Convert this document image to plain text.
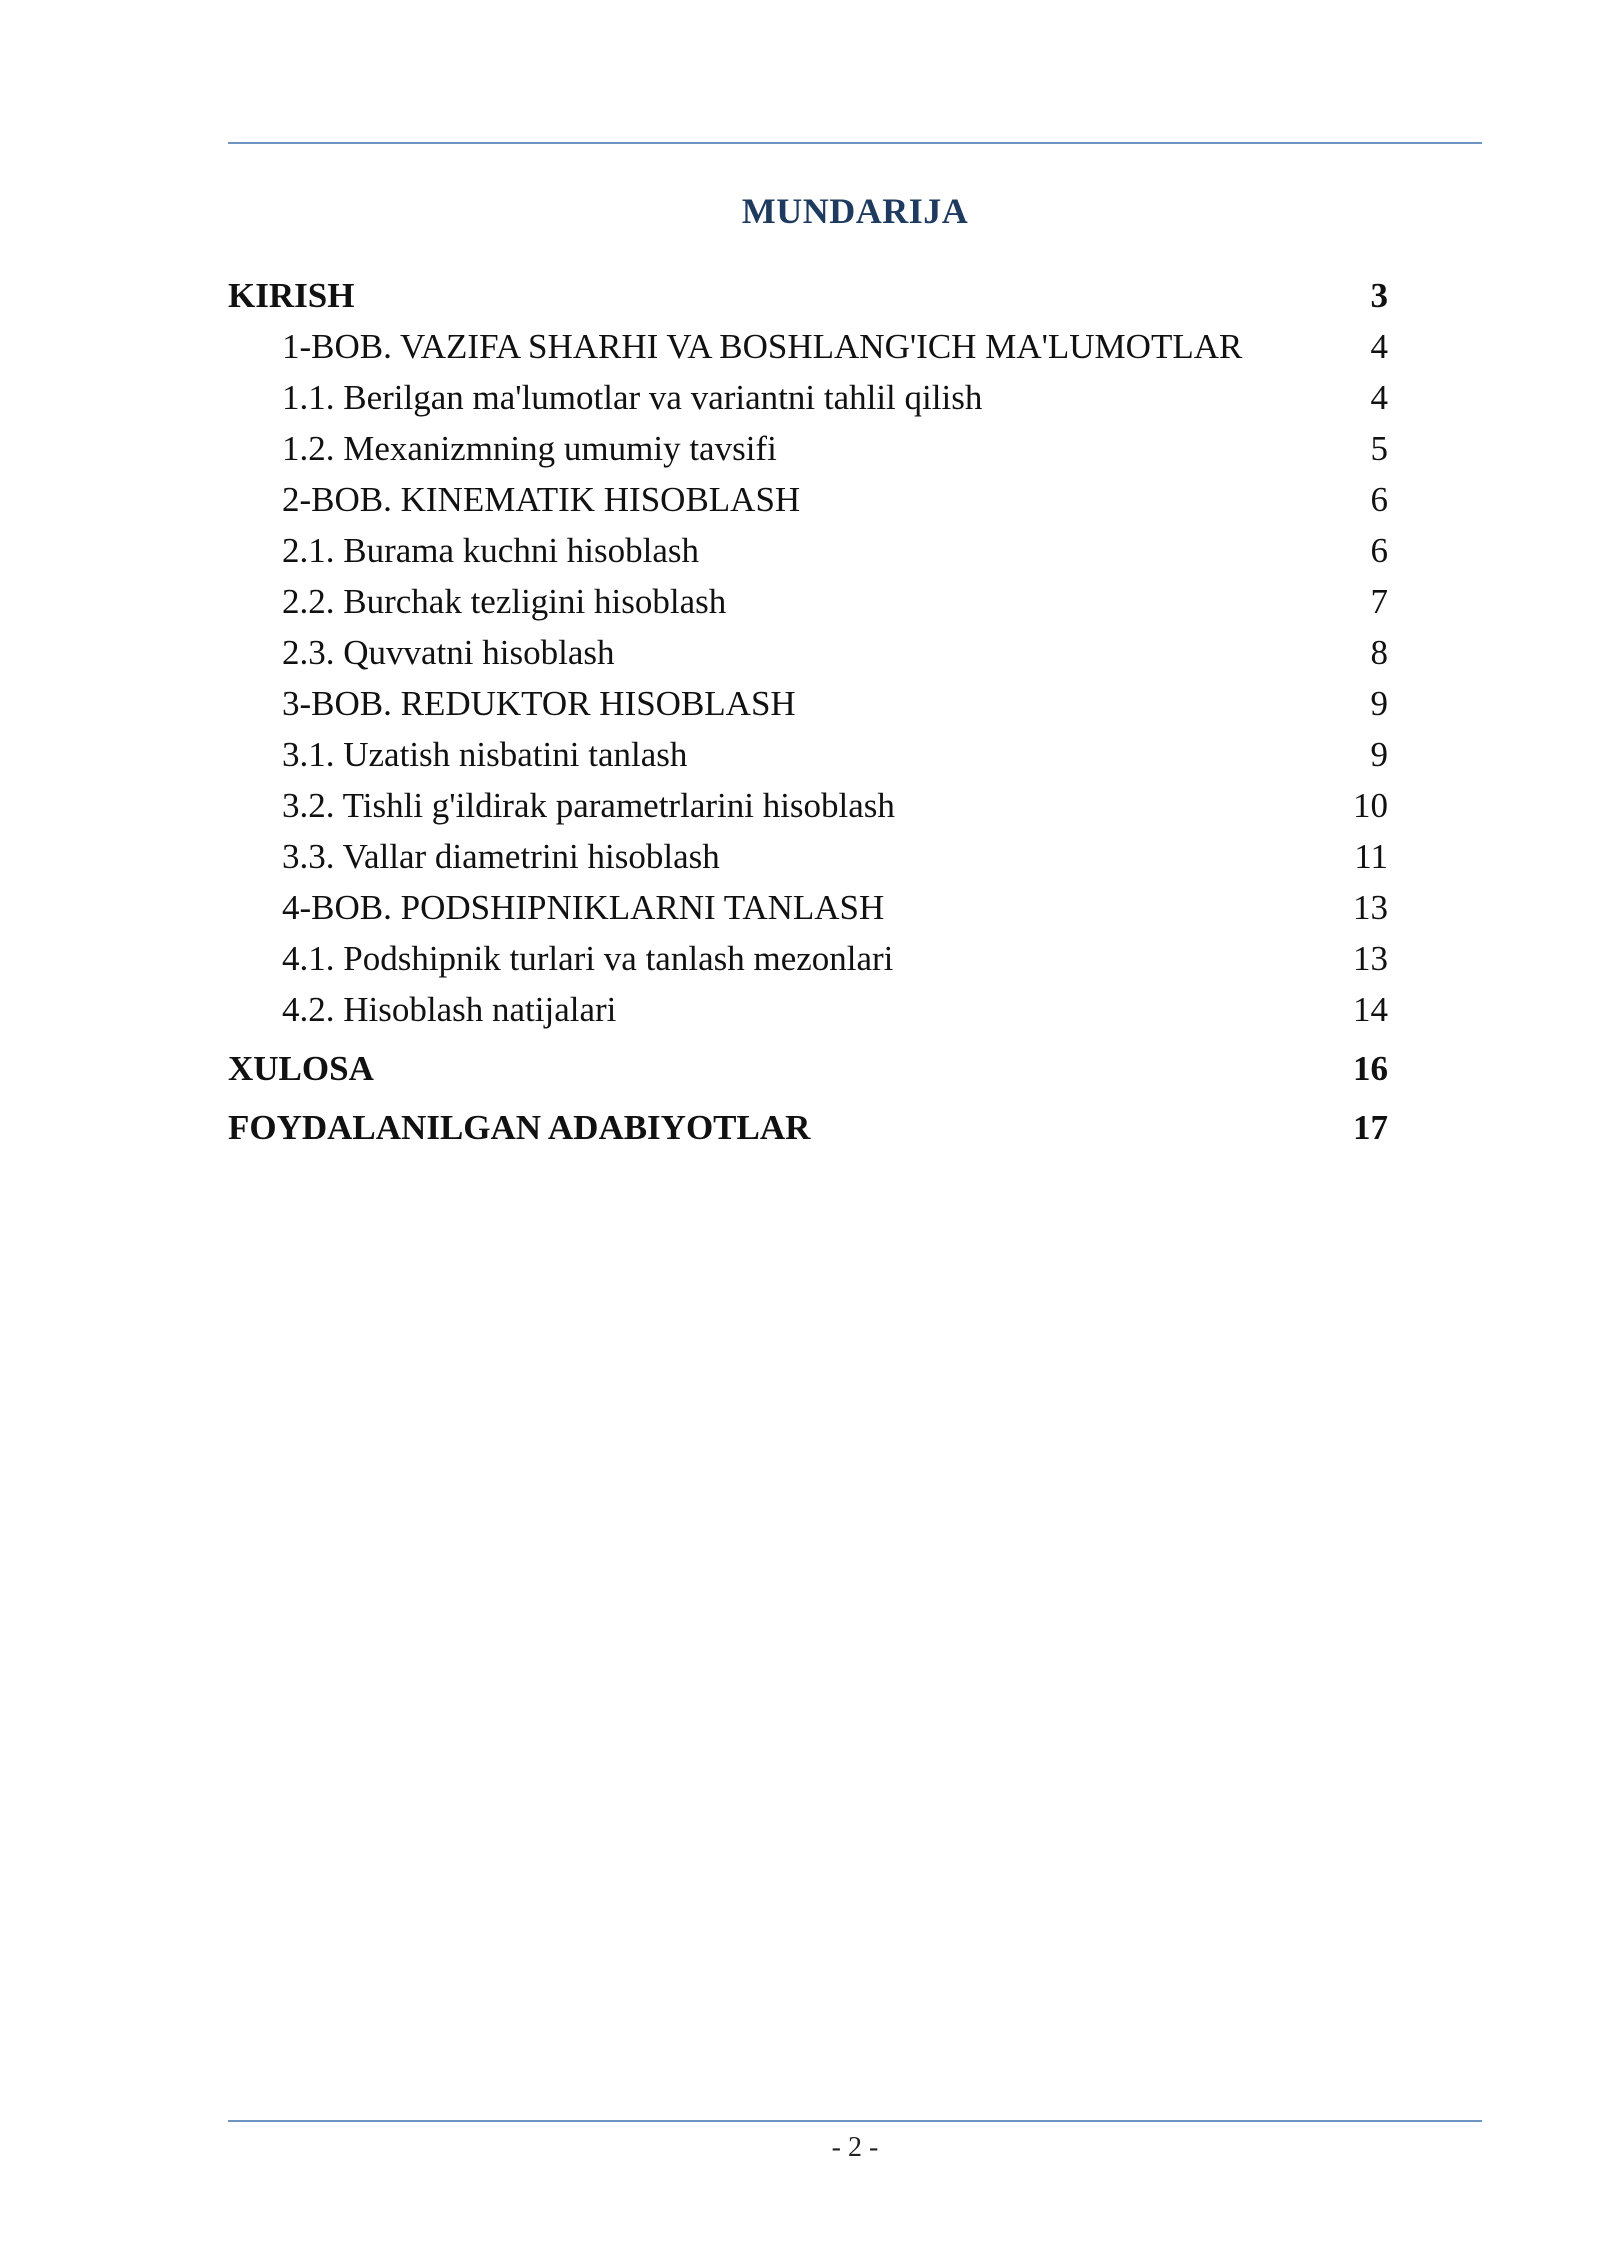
MUNDARIJA
KIRISH	3
1-BOB. VAZIFA SHARHI VA BOSHLANG'ICH MA'LUMOTLAR	4
1.1. Berilgan ma'lumotlar va variantni tahlil qilish	4
1.2. Mexanizmning umumiy tavsifi	5
2-BOB. KINEMATIK HISOBLASH	6
2.1. Burama kuchni hisoblash	6
2.2. Burchak tezligini hisoblash	7
2.3. Quvvatni hisoblash	8
3-BOB. REDUKTOR HISOBLASH	9
3.1. Uzatish nisbatini tanlash	9
3.2. Tishli g'ildirak parametrlarini hisoblash	10
3.3. Vallar diametrini hisoblash	11
4-BOB. PODSHIPNIKLARNI TANLASH	13
4.1. Podshipnik turlari va tanlash mezonlari	13
4.2. Hisoblash natijalari	14
XULOSA	16
FOYDALANILGAN ADABIYOTLAR	17
- 2 -
